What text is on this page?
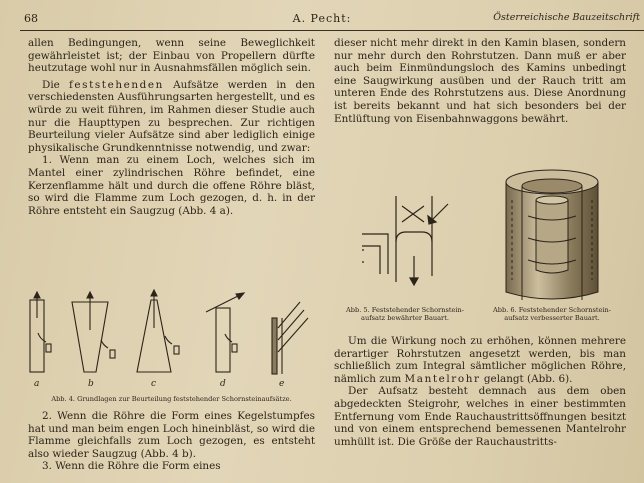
68	A. Pecht:	Österreichische Bauzeitschrift

allen Bedingungen, wenn seine Beweglichkeit gewährleistet ist; der Einbau von Propellern dürfte heutzutage wohl nur in Ausnahmsfällen möglich sein.

Die feststehenden Aufsätze werden in den verschiedensten Ausführungsarten hergestellt, und es würde zu weit führen, im Rahmen dieser Studie auch nur die Haupttypen zu besprechen. Zur richtigen Beurteilung vieler Aufsätze sind aber lediglich einige physikalische Grundkenntnisse notwendig, und zwar:

1. Wenn man zu einem Loch, welches sich im Mantel einer zylindrischen Röhre befindet, eine Kerzenflamme hält und durch die offene Röhre bläst, so wird die Flamme zum Loch gezogen, d. h. in der Röhre entsteht ein Saugzug (Abb. 4 a).

a	b	c	d	e
Abb. 4. Grundlagen zur Beurteilung feststehender Schornsteinaufsätze.

2. Wenn die Röhre die Form eines Kegelstumpfes hat und man beim engen Loch hineinbläst, so wird die Flamme gleichfalls zum Loch gezogen, es entsteht also wieder Saugzug (Abb. 4 b).

3. Wenn die Röhre die Form eines

dieser nicht mehr direkt in den Kamin blasen, sondern nur mehr durch den Rohrstutzen. Dann muß er aber auch beim Einmündungsloch des Kamins unbedingt eine Saugwirkung ausüben und der Rauch tritt am unteren Ende des Rohrstutzens aus. Diese Anordnung ist bereits bekannt und hat sich besonders bei der Entlüftung von Eisenbahnwaggons bewährt.

Abb. 5. Feststehender Schornstein-
aufsatz bewährter Bauart.
Abb. 6. Feststehender Schornstein-
aufsatz verbesserter Bauart.

Um die Wirkung noch zu erhöhen, können mehrere derartiger Rohrstutzen angesetzt werden, bis man schließlich zum Integral sämtlicher möglichen Röhre, nämlich zum Mantelrohr gelangt (Abb. 6).

Der Aufsatz besteht demnach aus dem oben abgedeckten Steigrohr, welches in einer bestimmten Entfernung vom Ende Rauchaustrittsöffnungen besitzt und von einem entsprechend bemessenen Mantelrohr umhüllt ist. Die Größe der Rauchaustritts-
